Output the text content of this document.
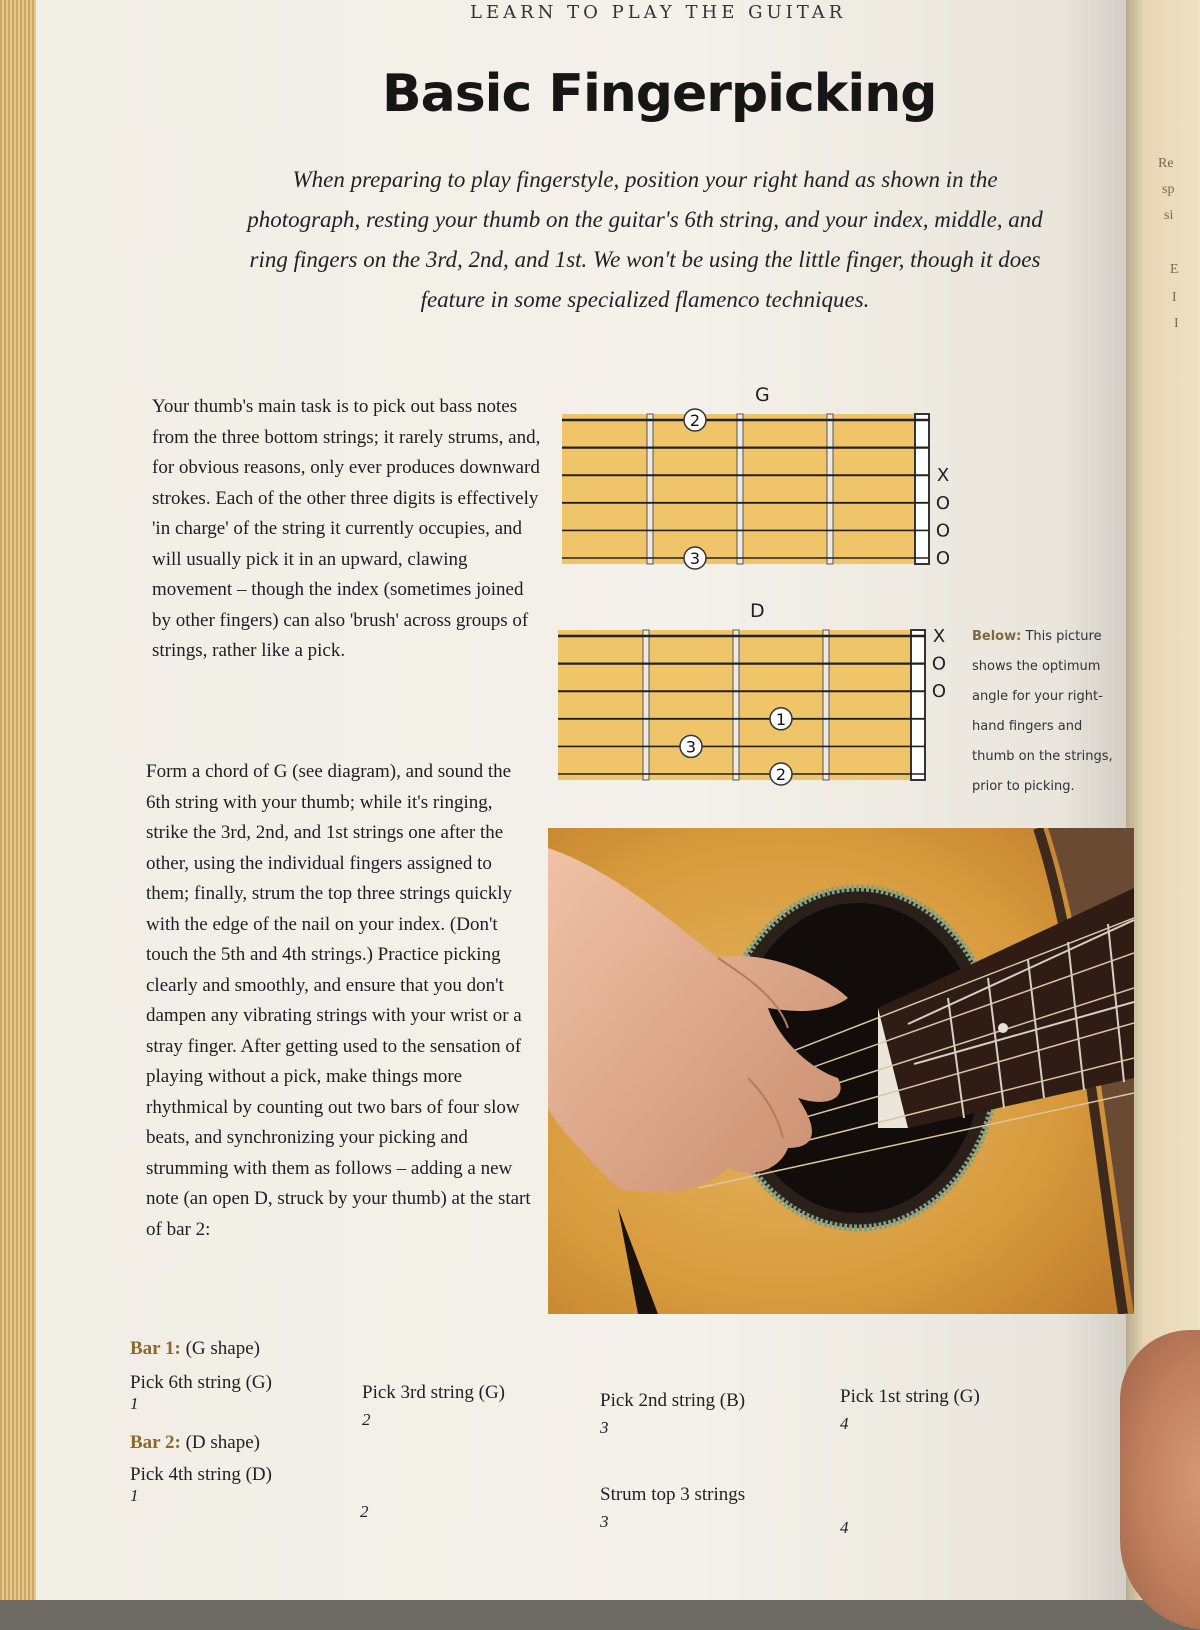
Re
sp
si
E
I
I
LEARN TO PLAY THE GUITAR
Basic Fingerpicking
When preparing to play fingerstyle, position your right hand as shown in the photograph, resting your thumb on the guitar's 6th string, and your index, middle, and ring fingers on the 3rd, 2nd, and 1st. We won't be using the little finger, though it does feature in some specialized flamenco techniques.
Your thumb's main task is to pick out bass notes from the three bottom strings; it rarely strums, and, for obvious reasons, only ever produces downward strokes. Each of the other three digits is effectively 'in charge' of the string it currently occupies, and will usually pick it in an upward, clawing movement – though the index (sometimes joined by other fingers) can also 'brush' across groups of strings, rather like a pick.
Form a chord of G (see diagram), and sound the 6th string with your thumb; while it's ringing, strike the 3rd, 2nd, and 1st strings one after the other, using the individual fingers assigned to them; finally, strum the top three strings quickly with the edge of the nail on your index. (Don't touch the 5th and 4th strings.) Practice picking clearly and smoothly, and ensure that you don't dampen any vibrating strings with your wrist or a stray finger. After getting used to the sensation of playing without a pick, make things more rhythmical by counting out two bars of four slow beats, and synchronizing your picking and strumming with them as follows – adding a new note (an open D, struck by your thumb) at the start of bar 2:
G
X
O
O
O
2
3
D
X
O
O
1
3
2
Below: This picture shows the optimum angle for your right-hand fingers and thumb on the strings, prior to picking.
Bar 1: (G shape)
Pick 6th string (G)
1
Pick 3rd string (G)
2
Pick 2nd string (B)
3
Pick 1st string (G)
4
Bar 2: (D shape)
Pick 4th string (D)
1
2
Strum top 3 strings
3	4
